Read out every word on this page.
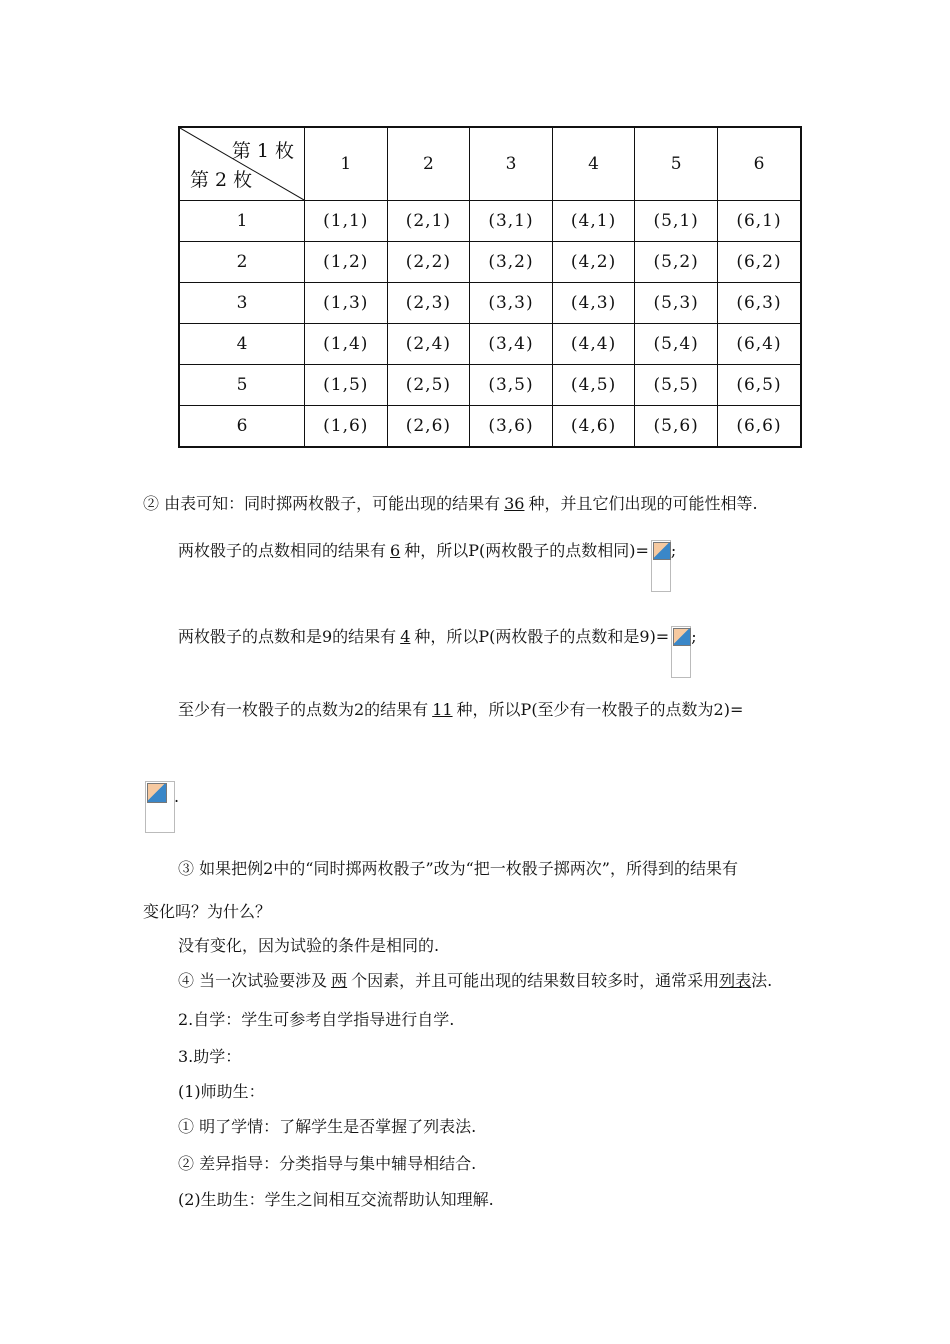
第 1 枚
第 2 枚	1	2	3	4	5	6
1	(1,1)	(2,1)	(3,1)	(4,1)	(5,1)	(6,1)
2	(1,2)	(2,2)	(3,2)	(4,2)	(5,2)	(6,2)
3	(1,3)	(2,3)	(3,3)	(4,3)	(5,3)	(6,3)
4	(1,4)	(2,4)	(3,4)	(4,4)	(5,4)	(6,4)
5	(1,5)	(2,5)	(3,5)	(4,5)	(5,5)	(6,5)
6	(1,6)	(2,6)	(3,6)	(4,6)	(5,6)	(6,6)
② 由表可知：同时掷两枚骰子，可能出现的结果有 36 种，并且它们出现的可能性相等.
两枚骰子的点数相同的结果有 6 种，所以P(两枚骰子的点数相同)= ;
两枚骰子的点数和是9的结果有 4 种，所以P(两枚骰子的点数和是9)= ;
至少有一枚骰子的点数为2的结果有 11 种，所以P(至少有一枚骰子的点数为2)=
.
③ 如果把例2中的“同时掷两枚骰子”改为“把一枚骰子掷两次”，所得到的结果有
变化吗？为什么？
没有变化，因为试验的条件是相同的.
④ 当一次试验要涉及 两 个因素，并且可能出现的结果数目较多时，通常采用列表法.
2.自学：学生可参考自学指导进行自学.
3.助学：
(1)师助生：
① 明了学情：了解学生是否掌握了列表法.
② 差异指导：分类指导与集中辅导相结合.
(2)生助生：学生之间相互交流帮助认知理解.
